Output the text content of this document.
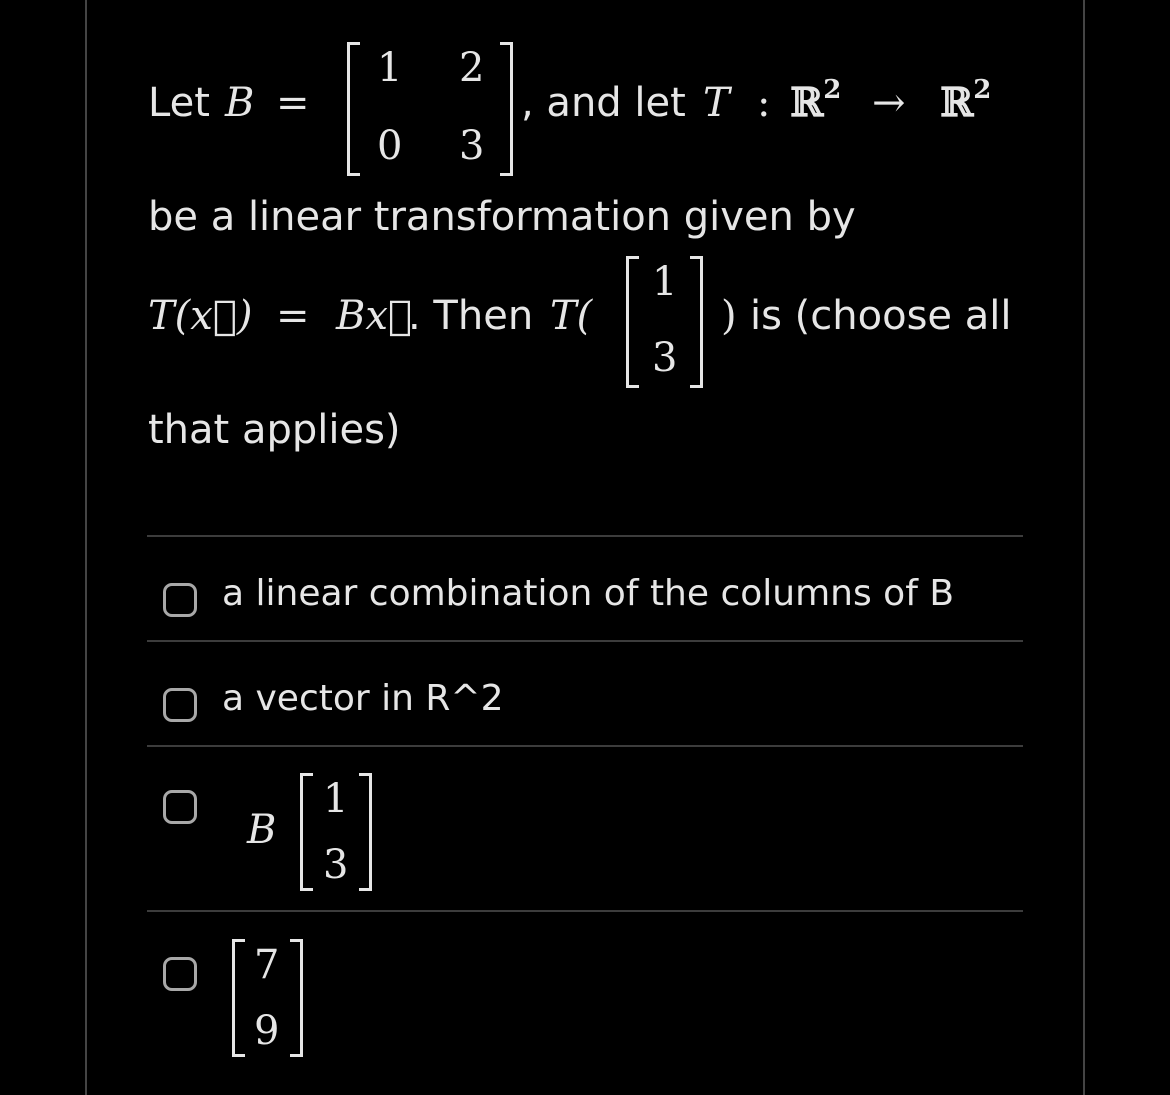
Let B =
1 2
0 3
, and let T : ℝ$^2$ → ℝ$^2$
be a linear transformation given by
T(x⃗) = Bx⃗
. Then T(
1
3
) is (choose all
that applies)
a linear combination of the columns of B
a vector in R^2
B
1
3
7
9
